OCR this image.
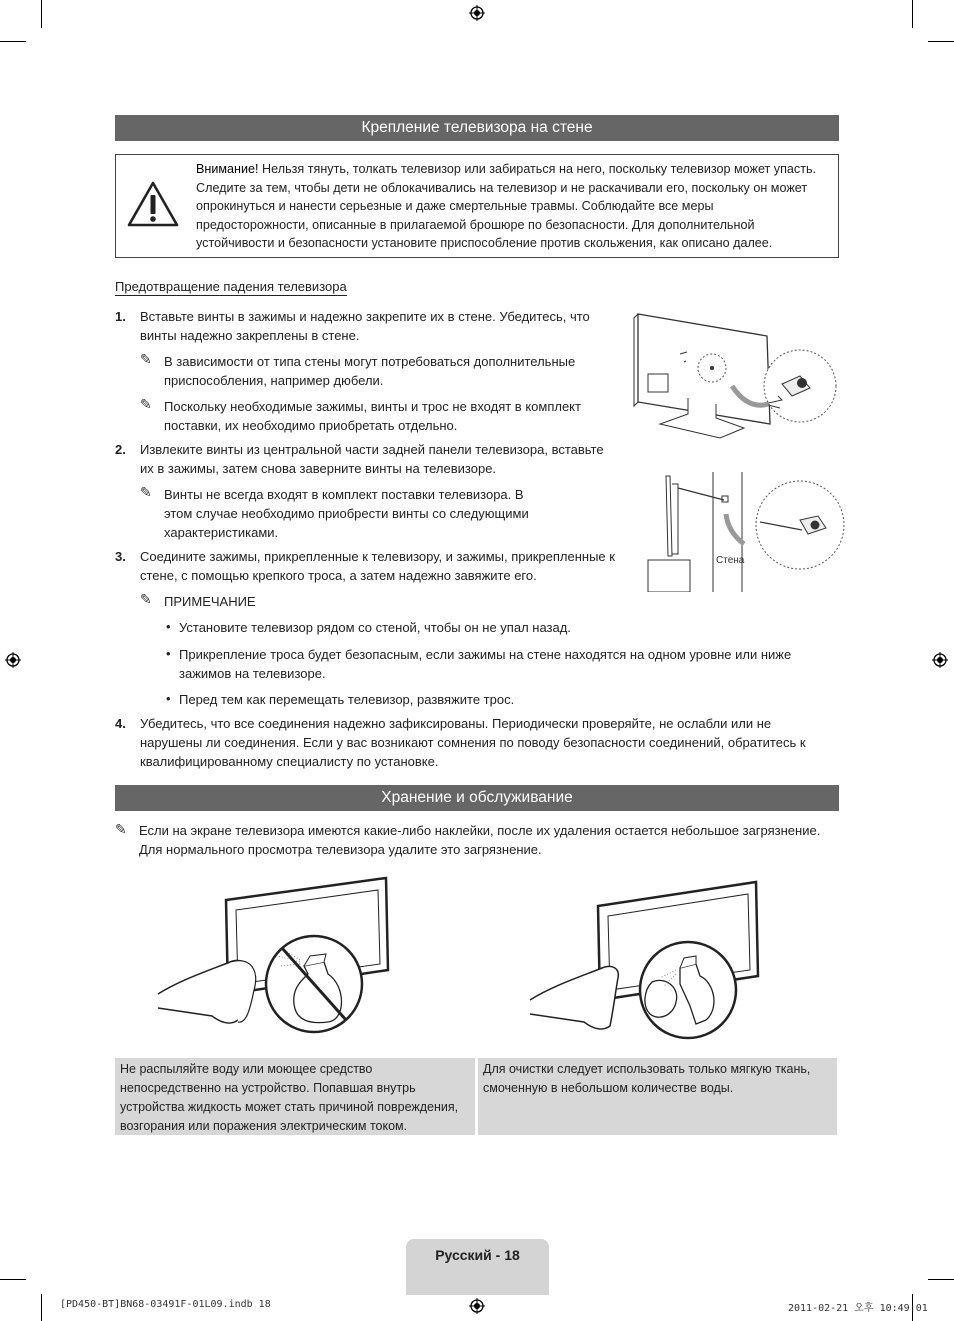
Крепление телевизора на стене
Внимание! Нельзя тянуть, толкать телевизор или забираться на него, поскольку телевизор может упасть. Следите за тем, чтобы дети не облокачивались на телевизор и не раскачивали его, поскольку он может опрокинуться и нанести серьезные и даже смертельные травмы. Соблюдайте все меры предосторожности, описанные в прилагаемой брошюре по безопасности. Для дополнительной устойчивости и безопасности установите приспособление против скольжения, как описано далее.
Предотвращение падения телевизора
1. Вставьте винты в зажимы и надежно закрепите их в стене. Убедитесь, что винты надежно закреплены в стене.
✎ В зависимости от типа стены могут потребоваться дополнительные приспособления, например дюбели.
✎ Поскольку необходимые зажимы, винты и трос не входят в комплект поставки, их необходимо приобретать отдельно.
2. Извлеките винты из центральной части задней панели телевизора, вставьте их в зажимы, затем снова заверните винты на телевизоре.
✎ Винты не всегда входят в комплект поставки телевизора. В этом случае необходимо приобрести винты со следующими характеристиками.
3. Соедините зажимы, прикрепленные к телевизору, и зажимы, прикрепленные к стене, с помощью крепкого троса, а затем надежно завяжите его.
✎ ПРИМЕЧАНИЕ
• Установите телевизор рядом со стеной, чтобы он не упал назад.
• Прикрепление троса будет безопасным, если зажимы на стене находятся на одном уровне или ниже зажимов на телевизоре.
• Перед тем как перемещать телевизор, развяжите трос.
4. Убедитесь, что все соединения надежно зафиксированы. Периодически проверяйте, не ослабли или не нарушены ли соединения. Если у вас возникают сомнения по поводу безопасности соединений, обратитесь к квалифицированному специалисту по установке.
Стена
Хранение и обслуживание
✎ Если на экране телевизора имеются какие-либо наклейки, после их удаления остается небольшое загрязнение. Для нормального просмотра телевизора удалите это загрязнение.
Не распыляйте воду или моющее средство непосредственно на устройство. Попавшая внутрь устройства жидкость может стать причиной повреждения, возгорания или поражения электрическим током.
Для очистки следует использовать только мягкую ткань, смоченную в небольшом количестве воды.
Русский - 18
[PD450-BT]BN68-03491F-01L09.indb 18	2011-02-21 오후 10:49:01
